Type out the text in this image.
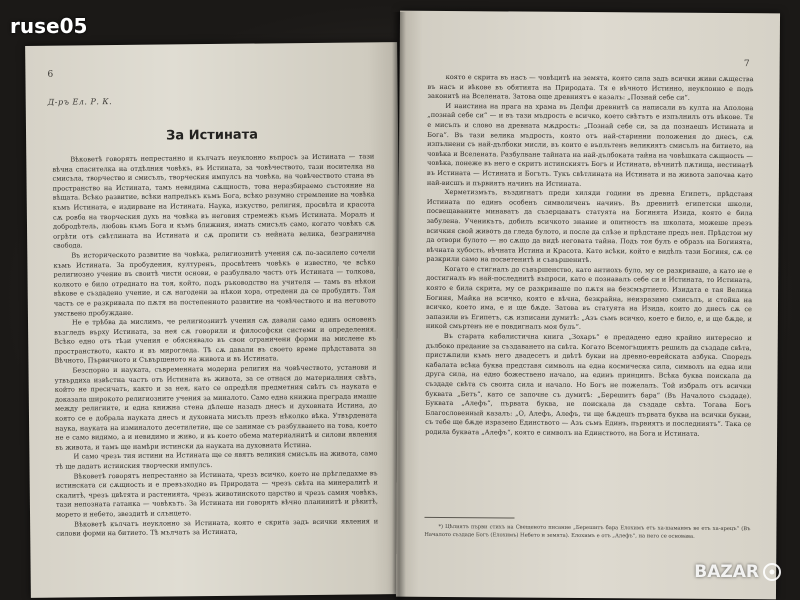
6
Д-ръ Ел. Р. К.
За Истината

Вѣковетѣ говорятъ непрестанно и кълчатъ неуклонно въпросъ за Истината — тази вѣчна спасителка на отдѣлния човѣкъ, въ Истината, за човѣчеството, тази носителка на смисъла, творчество и смисълъ, творческия импулсъ на човѣка, на човѣчеството стана въ пространство на Истината, тамъ невидима сѫщность, това неразбираемо състояние на вѣщата. Всѣко развитие, всѣки напредъкъ къмъ Бога, всѣко разумно стремление на човѣка къмъ Истината, е издирване на Истината. Наука, изкуство, религия, просвѣта и красота сѫ ровба на творческия духъ на човѣка въ неговия стремежъ къмъ Истината. Моралъ и добродѣтель, любовь къмъ Бога и къмъ ближния, имать смисълъ само, когато човѣкъ сѫ огрѣти отъ свѣтлината на Истината и сѫ пропити съ нейната велика, безгранична свобода.

Въ историческото развитие на човѣка, религиознитѣ учения сѫ по-засилено сочели къмъ Истината. За пробудения, културенъ, просвѣтенъ човѣкъ е известно, че всѣко религиозно учение въ своитѣ чисти основи, е разбулвало частъ отъ Истината — толкова, колкото е било отреднато на тоя, който, подъ ръководство на учителя — тамъ въ нѣкои вѣкове е създадено учение, и сѫ нагодени за нѣкои хора, отредени да се пробудятъ. Тая частъ се е разкривала по пѫтя на постепенното развитие на човѣчеството и на неговото умствено пробуждане.

Не е трѣбва да мислимъ, че религиознитѣ учения сѫ давали само единъ основенъ възгледъ върху Истината, за нея сѫ говорили и философски системи и определения. Всѣко едно отъ тѣзи учения е обяснявало въ свои ограничени форми на мислене въ пространството, както и въ мирогледа. Тѣ сѫ давали въ своето време прѣдставата за Вѣчното, Първичното и Съвършеното на живота и въ Истината.

Безспорно и науката, съвременната модерна религия на човѣчеството, установи и утвърдиха извѣстна частъ отъ Истината въ живота, за се отнася до материалния свѣтъ, който не пресичатъ, както и за нея, като се опредѣля предметния свѣтъ съ науката е доказала широкото религиозните учения за миналото. Само една книжна преграда имаше между религиите, и една книжна стена дѣлеше назадъ днесъ и духовната Истина, до която се е добрала науката днесъ и духовната мисълъ презъ нѣколко вѣка. Утвърдената наука, науката на изминалото десетилетие, ще се занимае съ разбулването на това, което не е само видимо, а и невидимо и живо, и въ което обема материалнитѣ и силови явления въ живота, и тамъ ще намѣри истински да науката на духовната Истина.

И само чрезъ тия истини на Истината ще се явятъ великия смисълъ на живота, само тѣ ще дадатъ истинския творчески импулсъ.

Вѣковетѣ говорятъ непрестанно за Истината, чрезъ всичко, което не прѣгледахме въ истинската си сѫщность и е превъзходно въ Природата — чрезъ свѣта на минералитѣ и скалитѣ, чрезъ цвѣтята и растенията, чрезъ животинското царство и чрезъ самия човѣкъ, тази непозната гатанка — човѣкътъ. За Истината ни говорятъ вѣчно планинитѣ и рѣкитѣ, морето и небето, звездитѣ и слънцето.

Вѣковетѣ кълчатъ неуклонно за Истината, която е скрита задъ всички явления и силови форми на битието. Тѣ мълчатъ за Истината,

7

която е скрита въ насъ — човѣцитѣ на земята, която сила задъ всички живи сѫщества въ насъ и вѣкове въ обятията на Природата. Тя е вѣчното Истинно, неуклонно е подъ законитѣ на Вселената. Затова още древниятъ е казалъ: „Познай себе си“.

И наистина на прага на храма въ Делфи древнитѣ са написали въ култа на Аполона „познай себе си“ — и въ тази мъдрость е всичко, което свѣтътъ е изпълнилъ отъ вѣкове. Тя е мисълъ и слово на древната мѫдрость: „Познай себе си, за да познаешъ Истината и Бога“. Въ тази велика мъдрость, която отъ най-старинни положения до днесъ, сѫ изпълнени съ най-дълбоки мисли, въ които е въплътенъ великиятъ смисълъ на битието, на човѣка и Вселената. Разбулване тайната на най-дълбоката тайна на човѣшката сѫщность — човѣка, понеже въ него е скритъ истинскиятъ Богъ и Истината, вѣчнитѣ пѫтища, нестинатѣ въ Истината — Истината и Богътъ. Тукъ свѣтлината на Истината и на живота започва като най-висшъ и първиятъ начинъ на Истината.

Херметизмътъ, въздигнатъ преди хиляди години въ древна Египетъ, прѣдставя Истината по единъ особенъ символиченъ начинъ. Въ древнитѣ египетски школи, посвещаваните минаватъ да съзерцаватъ статуята на Богинята Изида, която е била забулена. Ученикътъ, добилъ всичкото знание и опитностъ на школата, можеше презъ всичкия свой животъ да гледа булото, и после да слѣзе и прѣдстане предъ нея. Прѣдстои му да отвори булото — но сѫщо да видѣ неговата тайна. Подъ тоя булъ е образъ на Богинята, вѣчната хубость, вѣчната Истина и Красота. Като всѣки, който е видѣлъ тази Богиня, сѫ се разкрили само на посветенитѣ и съвършенитѣ.

Когато е стигналъ до съвършенство, като антиохъ було, му се разкриваше, а като не е достигналъ въ най-последнитѣ въпроси, като е познавалъ себе си и Истината, то Истината, която е била скрита, му се разкриваше по пѫтя на безсмъртието. Изидата е тая Велика Богиня, Майка на всичко, която е вѣчна, безкрайна, неизразимо смисълъ, и стойка на всичко, което има, е и ще бѫде. Затова въ статуята на Изида, които до днесъ сѫ се запазили въ Египетъ, сѫ изписани думитѣ: „Азъ съмъ всичко, което е било, е, и ще бѫде, и никой смъртенъ не е повдигналъ моя булъ“.

Въ старата кабалистична книга „Зохаръ“ е предадено едно крайно интересно и дълбоко предание за създаването на свѣта. Когато Всемогъщиятъ решилъ да създаде свѣта, пристѫпили къмъ него двадесетъ и двѣтѣ букви на древно-еврейската азбука. Споредъ кабалата всѣка буква представя символъ на една космическа сила, символъ на една или друга сила, на едно божествено начало, на единъ принципъ. Всѣка буква поискала да създаде свѣта съ своята сила и начало. Но Богъ не пожелалъ. Той избралъ отъ всички буквата „Бетъ“, като се започне съ думитѣ: „Берешитъ бара“ (Въ Началото създаде). Буквата „Алефъ“, първата буква, не поискала да създаде свѣта. Тогава Богъ Благословенный казалъ: „О, Алефъ, Алефъ, ти ще бѫдешъ първата буква на всички букви, съ тебе ще бѫде изразено Единството — Азъ съмъ Единъ, първиятъ и последниятъ“. Така се родила буквата „Алефъ“, която е символъ на Единството, на Бога и Истината.

*) Цѣлиятъ първи стихъ на Свещеното писание „Берешитъ бара Елохимъ етъ ха-шамаимъ ве етъ ха-арецъ“ (Въ Началото създаде Богъ (Елохимъ) Небето и земята). Елохимъ е отъ „Алефъ“, на него се основава.

ruse05
BAZAR
